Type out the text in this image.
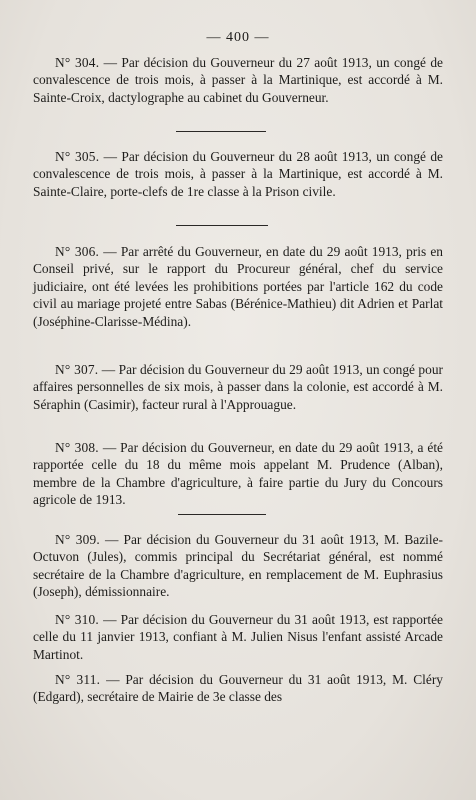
— 400 —

N° 304. — Par décision du Gouverneur du 27 août 1913, un congé de convalescence de trois mois, à passer à la Martinique, est accordé à M. Sainte-Croix, dactylographe au cabinet du Gouverneur.

N° 305. — Par décision du Gouverneur du 28 août 1913, un congé de convalescence de trois mois, à passer à la Martinique, est accordé à M. Sainte-Claire, porte-clefs de 1re classe à la Prison civile.

N° 306. — Par arrêté du Gouverneur, en date du 29 août 1913, pris en Conseil privé, sur le rapport du Procureur général, chef du service judiciaire, ont été levées les prohibitions portées par l'article 162 du code civil au mariage projeté entre Sabas (Bérénice-Mathieu) dit Adrien et Parlat (Joséphine-Clarisse-Médina).

N° 307. — Par décision du Gouverneur du 29 août 1913, un congé pour affaires personnelles de six mois, à passer dans la colonie, est accordé à M. Séraphin (Casimir), facteur rural à l'Approuague.

N° 308. — Par décision du Gouverneur, en date du 29 août 1913, a été rapportée celle du 18 du même mois appelant M. Prudence (Alban), membre de la Chambre d'agriculture, à faire partie du Jury du Concours agricole de 1913.

N° 309. — Par décision du Gouverneur du 31 août 1913, M. Bazile-Octuvon (Jules), commis principal du Secrétariat général, est nommé secrétaire de la Chambre d'agriculture, en remplacement de M. Euphrasius (Joseph), démissionnaire.

N° 310. — Par décision du Gouverneur du 31 août 1913, est rapportée celle du 11 janvier 1913, confiant à M. Julien Nisus l'enfant assisté Arcade Martinot.

N° 311. — Par décision du Gouverneur du 31 août 1913, M. Cléry (Edgard), secrétaire de Mairie de 3e classe des
